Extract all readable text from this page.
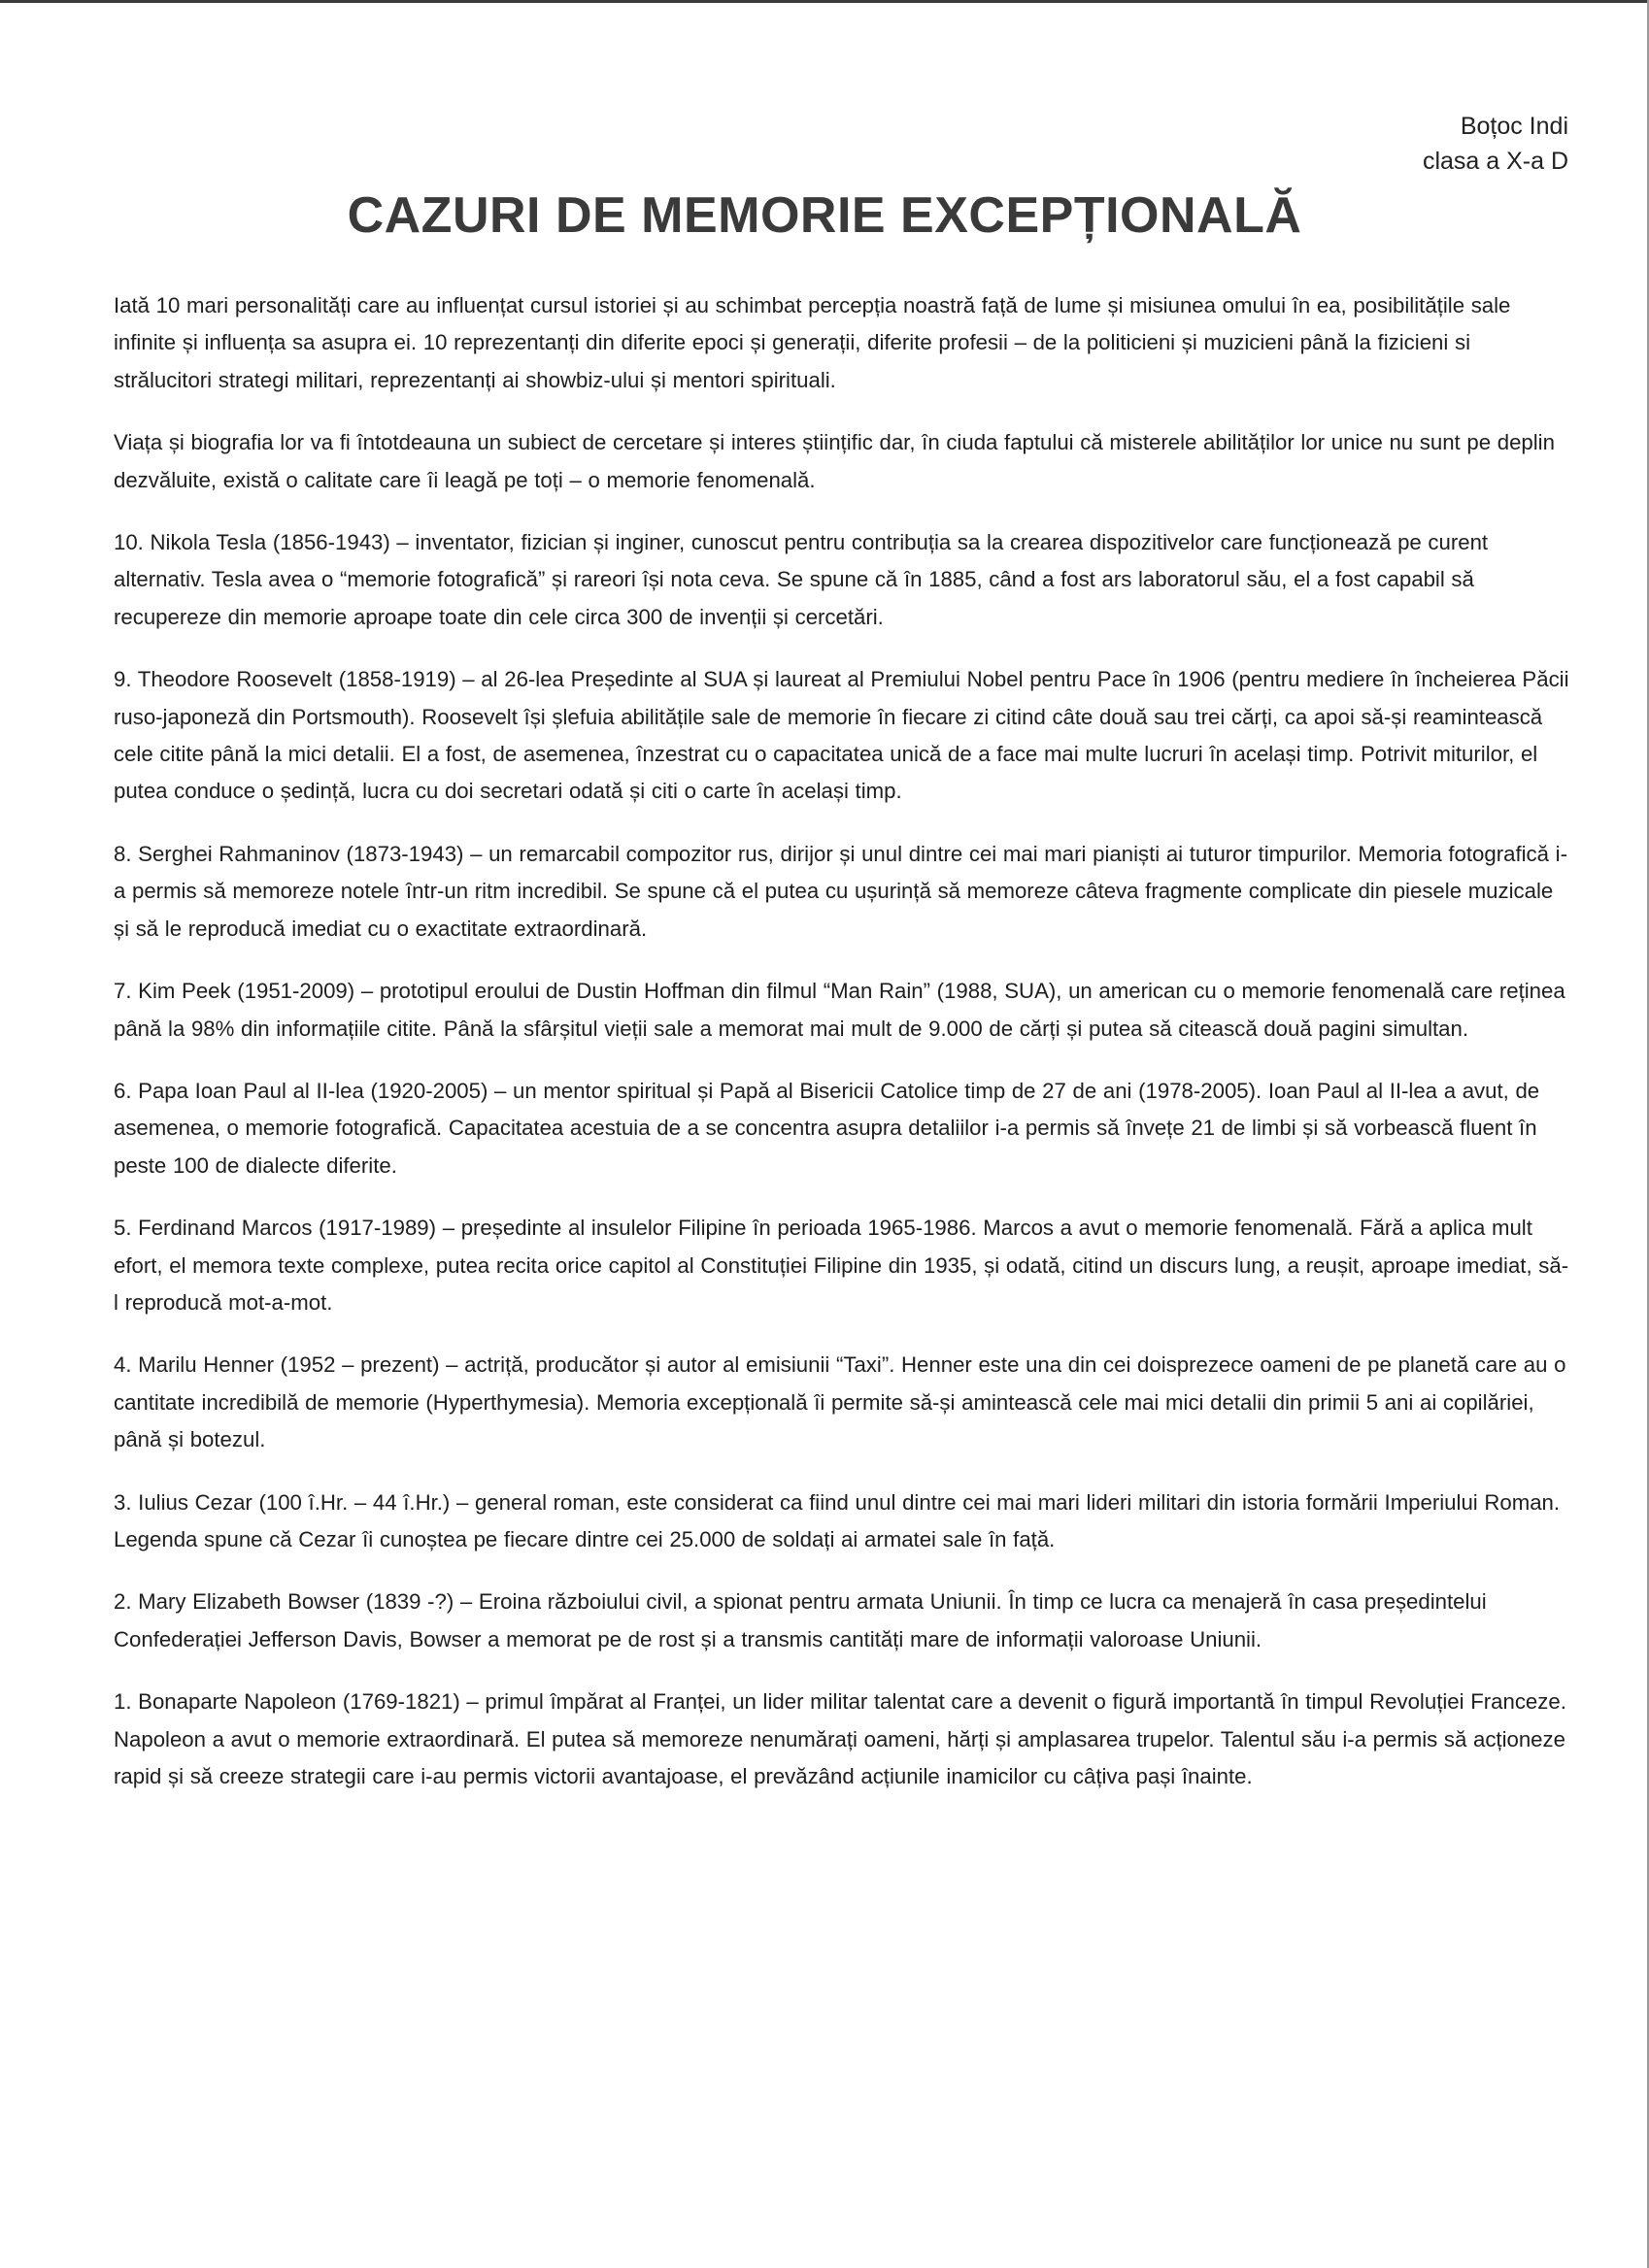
Boțoc Indi
clasa a X-a D
CAZURI DE MEMORIE EXCEPȚIONALĂ

Iată 10 mari personalități care au influențat cursul istoriei și au schimbat percepția noastră față de lume și misiunea omului în ea, posibilitățile sale infinite și influența sa asupra ei. 10 reprezentanți din diferite epoci și generații, diferite profesii – de la politicieni și muzicieni până la fizicieni si strălucitori strategi militari, reprezentanți ai showbiz-ului și mentori spirituali.

Viața și biografia lor va fi întotdeauna un subiect de cercetare și interes științific dar, în ciuda faptului că misterele abilităților lor unice nu sunt pe deplin dezvăluite, există o calitate care îi leagă pe toți – o memorie fenomenală.

10. Nikola Tesla (1856-1943) – inventator, fizician și inginer, cunoscut pentru contribuția sa la crearea dispozitivelor care funcționează pe curent alternativ. Tesla avea o “memorie fotografică” și rareori își nota ceva. Se spune că în 1885, când a fost ars laboratorul său, el a fost capabil să recupereze din memorie aproape toate din cele circa 300 de invenții și cercetări.

9. Theodore Roosevelt (1858-1919) – al 26-lea Președinte al SUA și laureat al Premiului Nobel pentru Pace în 1906 (pentru mediere în încheierea Păcii ruso-japoneză din Portsmouth). Roosevelt își șlefuia abilitățile sale de memorie în fiecare zi citind câte două sau trei cărți, ca apoi să-și reamintească cele citite până la mici detalii. El a fost, de asemenea, înzestrat cu o capacitatea unică de a face mai multe lucruri în același timp. Potrivit miturilor, el putea conduce o ședință, lucra cu doi secretari odată și citi o carte în același timp.

8. Serghei Rahmaninov (1873-1943) – un remarcabil compozitor rus, dirijor și unul dintre cei mai mari pianiști ai tuturor timpurilor. Memoria fotografică i-a permis să memoreze notele într-un ritm incredibil. Se spune că el putea cu ușurință să memoreze câteva fragmente complicate din piesele muzicale și să le reproducă imediat cu o exactitate extraordinară.

7. Kim Peek (1951-2009) – prototipul eroului de Dustin Hoffman din filmul “Man Rain” (1988, SUA), un american cu o memorie fenomenală care reținea până la 98% din informațiile citite. Până la sfârșitul vieții sale a memorat mai mult de 9.000 de cărți și putea să citească două pagini simultan.

6. Papa Ioan Paul al II-lea (1920-2005) – un mentor spiritual și Papă al Bisericii Catolice timp de 27 de ani (1978-2005). Ioan Paul al II-lea a avut, de asemenea, o memorie fotografică. Capacitatea acestuia de a se concentra asupra detaliilor i-a permis să învețe 21 de limbi și să vorbească fluent în peste 100 de dialecte diferite.

5. Ferdinand Marcos (1917-1989) – președinte al insulelor Filipine în perioada 1965-1986. Marcos a avut o memorie fenomenală. Fără a aplica mult efort, el memora texte complexe, putea recita orice capitol al Constituției Filipine din 1935, și odată, citind un discurs lung, a reușit, aproape imediat, să-l reproducă mot-a-mot.

4. Marilu Henner (1952 – prezent) – actriță, producător și autor al emisiunii “Taxi”. Henner este una din cei doisprezece oameni de pe planetă care au o cantitate incredibilă de memorie (Hyperthymesia). Memoria excepțională îi permite să-și amintească cele mai mici detalii din primii 5 ani ai copilăriei, până și botezul.

3. Iulius Cezar (100 î.Hr. – 44 î.Hr.) – general roman, este considerat ca fiind unul dintre cei mai mari lideri militari din istoria formării Imperiului Roman. Legenda spune că Cezar îi cunoștea pe fiecare dintre cei 25.000 de soldați ai armatei sale în față.

2. Mary Elizabeth Bowser (1839 -?) – Eroina războiului civil, a spionat pentru armata Uniunii. În timp ce lucra ca menajeră în casa președintelui Confederației Jefferson Davis, Bowser a memorat pe de rost și a transmis cantități mare de informații valoroase Uniunii.

1. Bonaparte Napoleon (1769-1821) – primul împărat al Franței, un lider militar talentat care a devenit o figură importantă în timpul Revoluției Franceze. Napoleon a avut o memorie extraordinară. El putea să memoreze nenumărați oameni, hărți și amplasarea trupelor. Talentul său i-a permis să acționeze rapid și să creeze strategii care i-au permis victorii avantajoase, el prevăzând acțiunile inamicilor cu câțiva pași înainte.
